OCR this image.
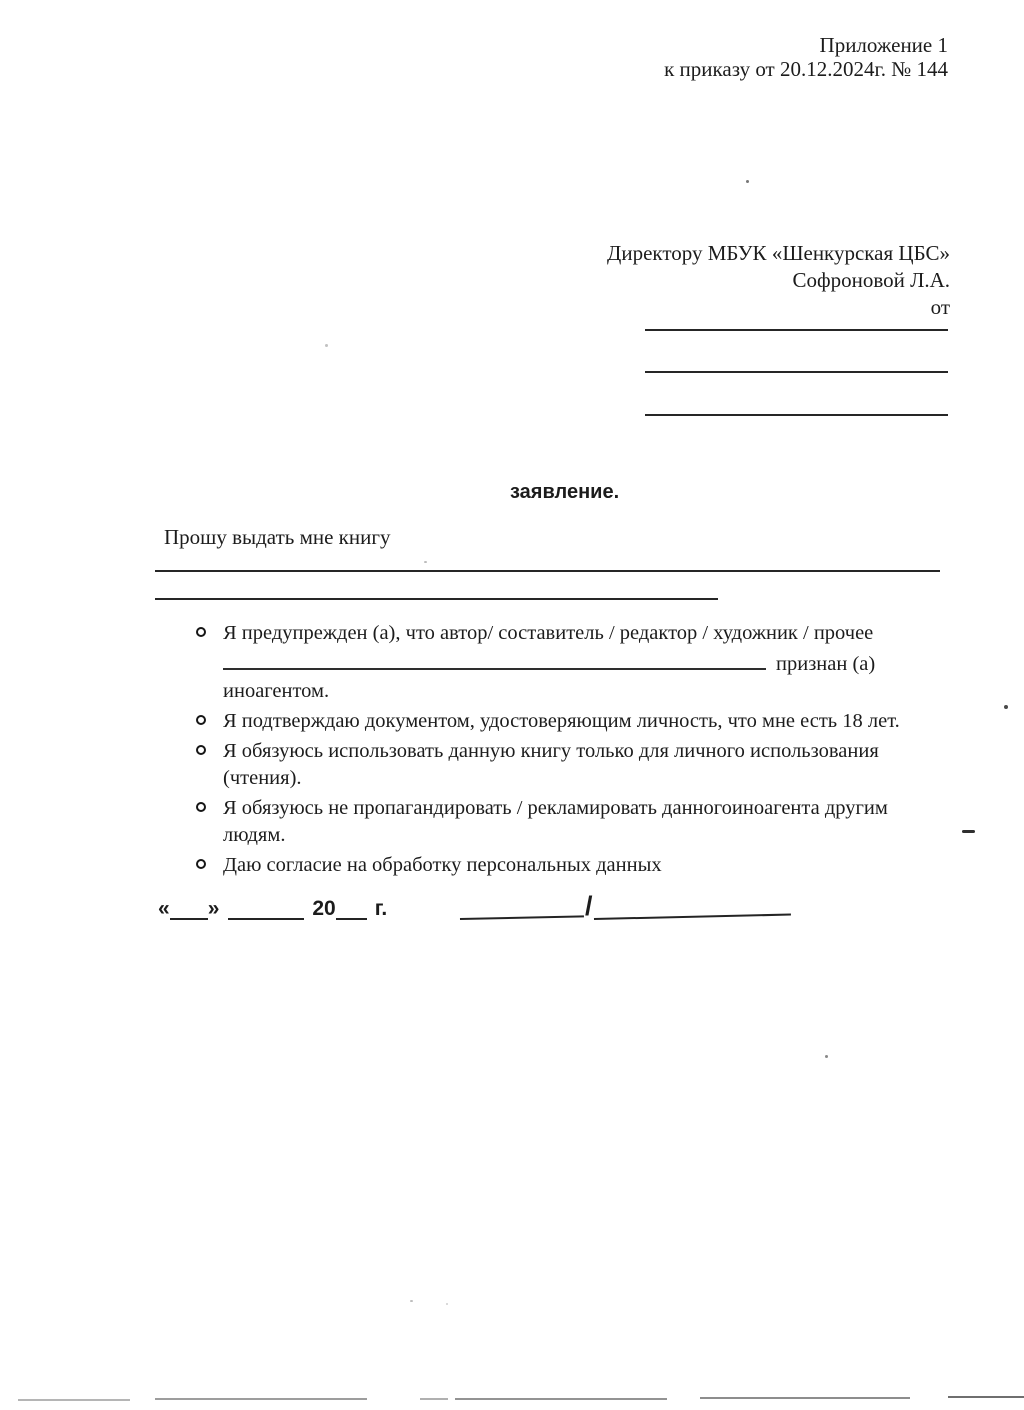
Приложение 1
к приказу от 20.12.2024г. № 144
Директору МБУК «Шенкурская ЦБС»
Софроновой Л.А.
от
заявление.
Прошу выдать мне книгу
Я предупрежден (а), что автор/ составитель / редактор / художник / прочее
признан (а)
иноагентом.
Я подтверждаю документом, удостоверяющим личность, что мне есть 18 лет.
Я обязуюсь использовать данную книгу только для личного использования
(чтения).
Я обязуюсь не пропагандировать / рекламировать данногоиноагента другим людям.
Даю согласие на обработку персональных данных
« »	20 г.	/
